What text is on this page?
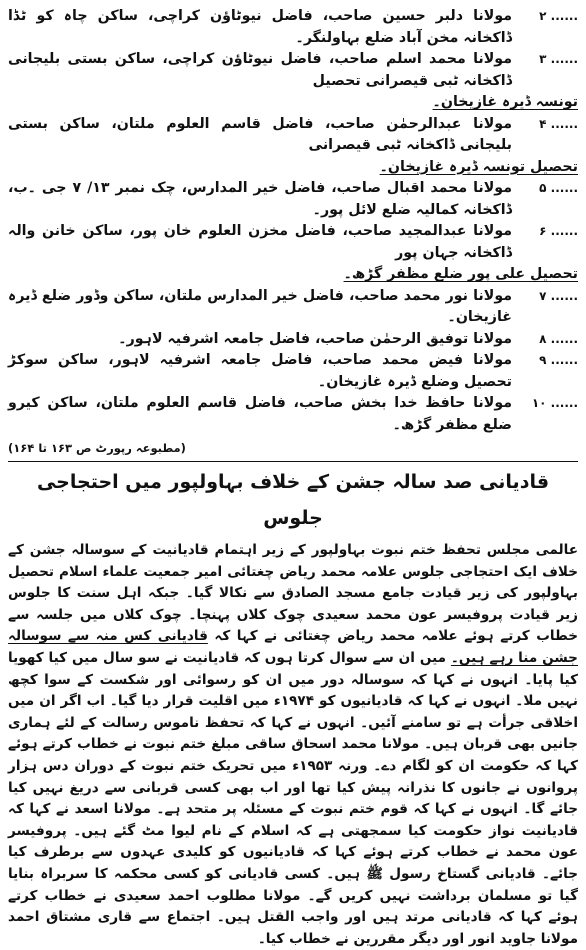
۲ ......
مولانا دلبر حسین صاحب، فاضل نیوٹاؤن کراچی، ساکن چاہ کو ٹڈا ڈاکخانہ مخن آباد ضلع بہاولنگر۔
۳ ......
مولانا محمد اسلم صاحب، فاضل نیوٹاؤن کراچی، ساکن بستی بلیجانی ڈاکخانہ ٹبی قیصرانی تحصیل
تونسہ ڈیرہ غازیخان۔
۴ ......
مولانا عبدالرحمٰن صاحب، فاضل قاسم العلوم ملتان، ساکن بستی بلیجانی ڈاکخانہ ٹبی قیصرانی
تحصیل تونسہ ڈیرہ غازیخان۔
۵ ......
مولانا محمد اقبال صاحب، فاضل خیر المدارس، چک نمبر ۱۳/ ۷ جی ۔ب، ڈاکخانہ کمالیہ ضلع لائل پور۔
۶ ......
مولانا عبدالمجید صاحب، فاضل مخزن العلوم خان پور، ساکن خانن والہ ڈاکخانہ جہان پور
تحصیل علی پور ضلع مظفر گڑھ۔
۷ ......
مولانا نور محمد صاحب، فاضل خیر المدارس ملتان، ساکن وڈور ضلع ڈیرہ غازیخان۔
۸ ......
مولانا توفیق الرحمٰن صاحب، فاضل جامعہ اشرفیہ لاہور۔
۹ ......
مولانا فیض محمد صاحب، فاضل جامعہ اشرفیہ لاہور، ساکن سوکڑ تحصیل وضلع ڈیرہ غازیخان۔
۱۰ ......
مولانا حافظ خدا بخش صاحب، فاضل قاسم العلوم ملتان، ساکن کیرو ضلع مظفر گڑھ۔
(مطبوعہ رپورٹ ص ۱۶۳ تا ۱۶۴)
قادیانی صد سالہ جشن کے خلاف بہاولپور میں احتجاجی جلوس
عالمی مجلس تحفظ ختم نبوت بہاولپور کے زیر اہتمام قادیانیت کے سوسالہ جشن کے خلاف ایک احتجاجی جلوس علامہ محمد ریاض چغتائی امیر جمعیت علماء اسلام تحصیل بہاولپور کی زیر قیادت جامع مسجد الصادق سے نکالا گیا۔ جبکہ اہل سنت کا جلوس زیر قیادت پروفیسر عون محمد سعیدی چوک کلاں پہنچا۔ چوک کلاں میں جلسہ سے خطاب کرتے ہوئے علامہ محمد ریاض چغتائی نے کہا کہ قادیانی کس منہ سے سوسالہ جشن منا رہے ہیں۔ میں ان سے سوال کرتا ہوں کہ قادیانیت نے سو سال میں کیا کھویا کیا پایا۔ انہوں نے کہا کہ سوسالہ دور میں ان کو رسوائی اور شکست کے سوا کچھ نہیں ملا۔ انہوں نے کہا کہ قادیانیوں کو ۱۹۷۴ء میں اقلیت قرار دیا گیا۔ اب اگر ان میں اخلاقی جرأت ہے تو سامنے آئیں۔ انہوں نے کہا کہ تحفظ ناموس رسالت کے لئے ہماری جانیں بھی قربان ہیں۔ مولانا محمد اسحاق ساقی مبلغ ختم نبوت نے خطاب کرتے ہوئے کہا کہ حکومت ان کو لگام دے۔ ورنہ ۱۹۵۳ء میں تحریک ختم نبوت کے دوران دس ہزار پروانوں نے جانوں کا نذرانہ پیش کیا تھا اور اب بھی کسی قربانی سے دریغ نہیں کیا جائے گا۔ انہوں نے کہا کہ قوم ختم نبوت کے مسئلہ پر متحد ہے۔ مولانا اسعد نے کہا کہ قادیانیت نواز حکومت کیا سمجھتی ہے کہ اسلام کے نام لیوا مٹ گئے ہیں۔ پروفیسر عون محمد نے خطاب کرتے ہوئے کہا کہ قادیانیوں کو کلیدی عہدوں سے برطرف کیا جائے۔ قادیانی گستاخ رسول ﷺ ہیں۔ کسی قادیانی کو کسی محکمہ کا سربراہ بنایا گیا تو مسلمان برداشت نہیں کریں گے۔ مولانا مطلوب احمد سعیدی نے خطاب کرتے ہوئے کہا کہ قادیانی مرتد ہیں اور واجب القتل ہیں۔ اجتماع سے قاری مشتاق احمد مولانا جاوید انور اور دیگر مقررین نے خطاب کیا۔
